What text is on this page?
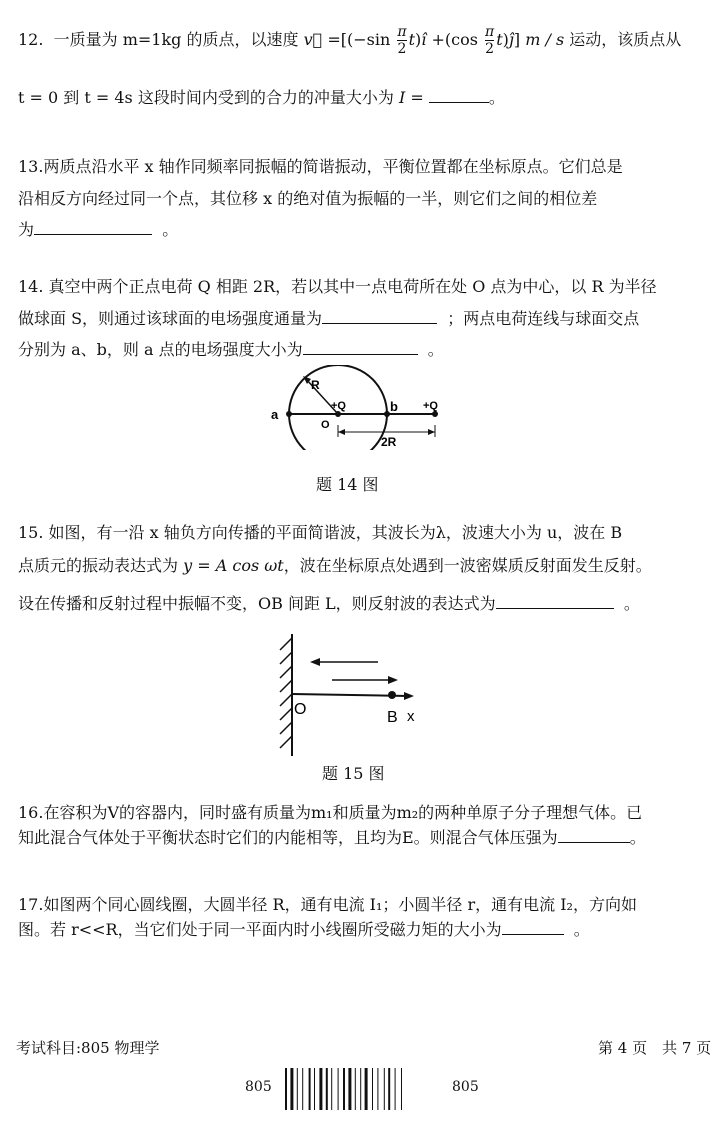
12. 一质量为 m=1kg 的质点，以速度 v⃗ $=[(-\sin \frac{\pi}{2}$ t)î $+(\cos \frac{\pi}{2}$ t)ĵ] m / s 运动，该质点从
t = 0 到 t = 4s 这段时间内受到的合力的冲量大小为 I =	。
13.两质点沿水平 x 轴作同频率同振幅的简谐振动，平衡位置都在坐标原点。它们总是
沿相反方向经过同一个点，其位移 x 的绝对值为振幅的一半，则它们之间的相位差
为	。
14. 真空中两个正点电荷 Q 相距 2R，若以其中一点电荷所在处 O 点为中心，以 R 为半径
做球面 S，则通过该球面的电场强度通量为	；两点电荷连线与球面交点
分别为 a、b，则 a 点的电场强度大小为	。
R
a
+Q
O
b +Q
2R
题 14 图
15. 如图，有一沿 x 轴负方向传播的平面简谐波，其波长为λ，波速大小为 u，波在 B
点质元的振动表达式为 y = A cos ωt，波在坐标原点处遇到一波密媒质反射面发生反射。
设在传播和反射过程中振幅不变，OB 间距 L，则反射波的表达式为	。
O	B x
题 15 图
16.在容积为V的容器内，同时盛有质量为m₁和质量为m₂的两种单原子分子理想气体。已
知此混合气体处于平衡状态时它们的内能相等，且均为E。则混合气体压强为	。
17.如图两个同心圆线圈，大圆半径 R，通有电流 I₁；小圆半径 r，通有电流 I₂，方向如
图。若 r<<R，当它们处于同一平面内时小线圈所受磁力矩的大小为	。
考试科目:805 物理学	第 4 页　共 7 页
805	805
